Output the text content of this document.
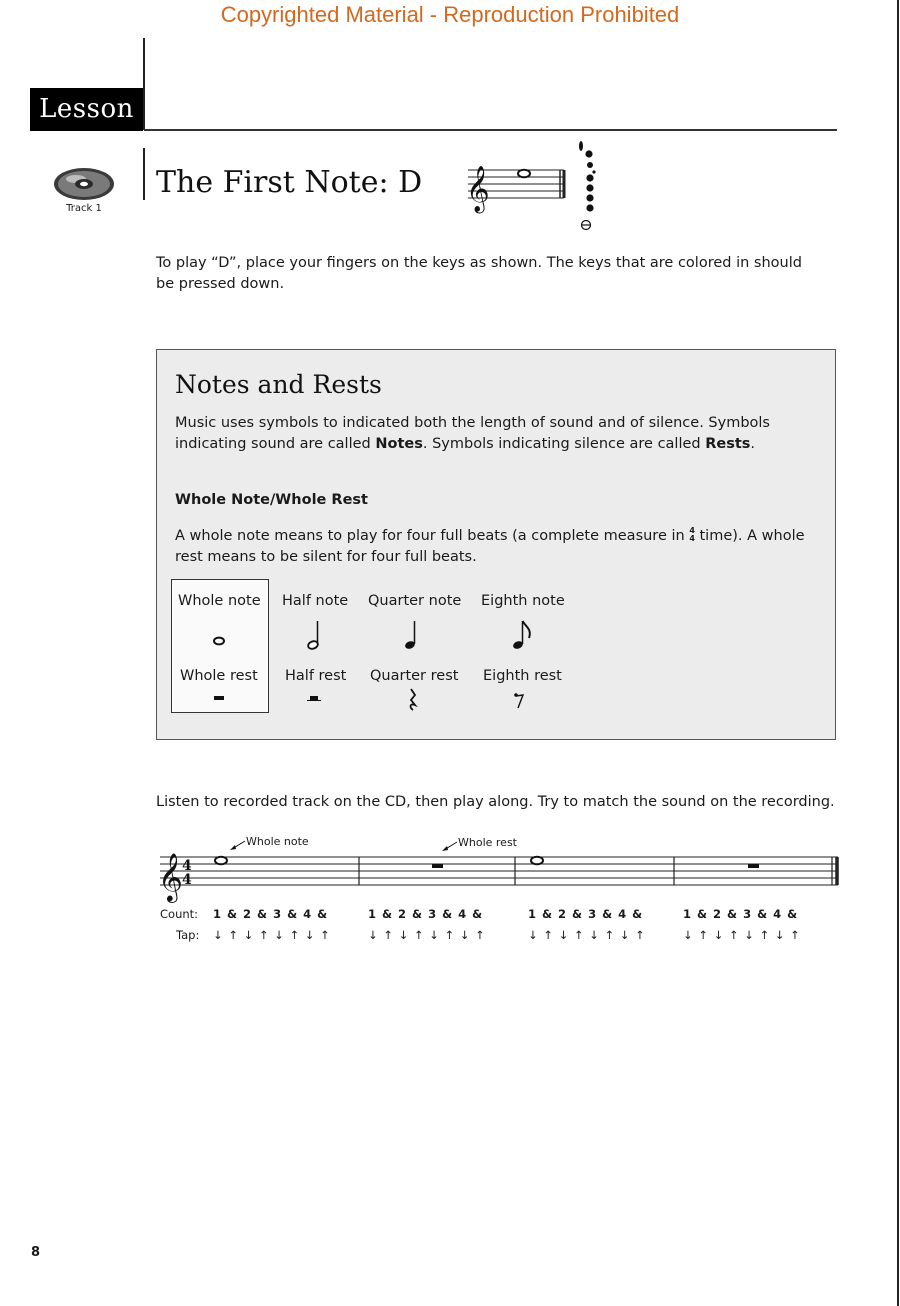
Copyrighted Material - Reproduction Prohibited
Lesson 1
Track 1
The First Note: D 𝄞
To play “D”, place your fingers on the keys as shown. The keys that are colored in should be pressed down.
Notes and Rests
Music uses symbols to indicated both the length of sound and of silence. Symbols indicating sound are called Notes. Symbols indicating silence are called Rests.
Whole Note/Whole Rest
A whole note means to play for four full beats (a complete measure in 4
4 time). A whole rest means to be silent for four full beats.
Whole note Half note Quarter note Eighth note
Whole rest Half rest Quarter rest Eighth rest
Listen to recorded track on the CD, then play along. Try to match the sound on the recording.
Whole note	Whole rest
𝄞 4
4
Count:
Tap:
1 & 2 & 3 & 4 &	1 & 2 & 3 & 4 &	1 & 2 & 3 & 4 &	1 & 2 & 3 & 4 &
↓ ↑ ↓ ↑ ↓ ↑ ↓ ↑	↓ ↑ ↓ ↑ ↓ ↑ ↓ ↑	↓ ↑ ↓ ↑ ↓ ↑ ↓ ↑	↓ ↑ ↓ ↑ ↓ ↑ ↓ ↑
8
